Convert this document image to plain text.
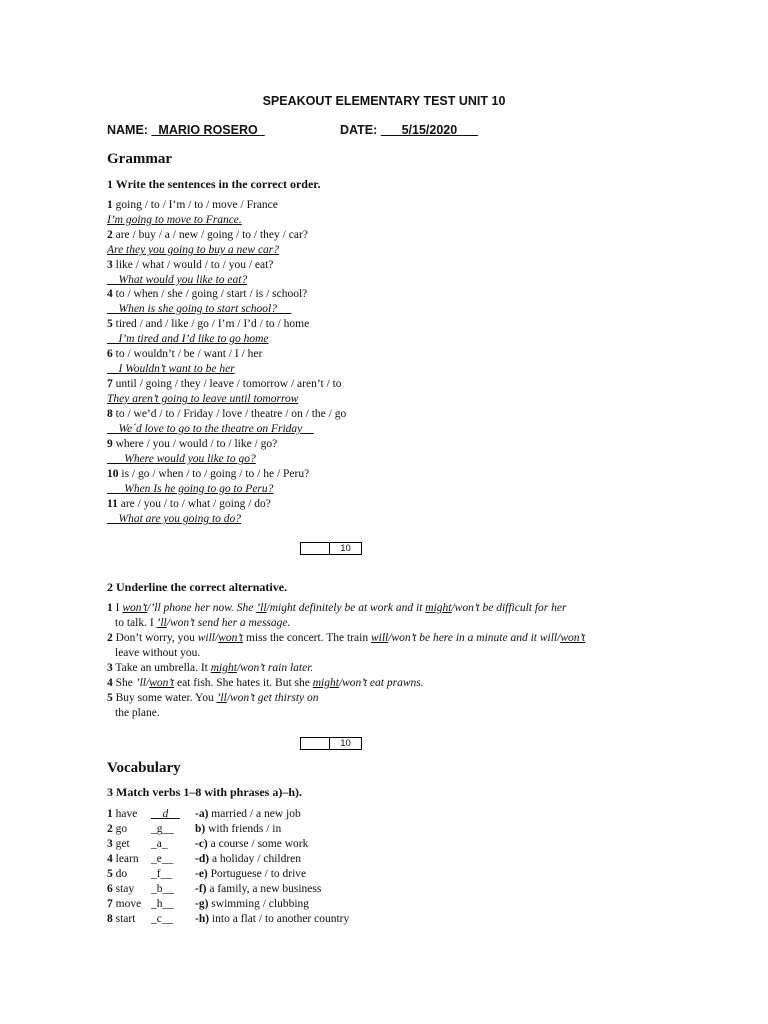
SPEAKOUT ELEMENTARY TEST UNIT 10
NAME: _MARIO ROSERO_	DATE: ___5/15/2020___
Grammar
1 Write the sentences in the correct order.
1 going / to / I’m / to / move / France
I’m going to move to France.
2 are / buy / a / new / going / to / they / car?
Are they you going to buy a new car?
3 like / what / would / to / you / eat?
__What would you like to eat?
4 to / when / she / going / start / is / school?
__When is she going to start school? __
5 tired / and / like / go / I’m / I’d / to / home
__I’m tired and I’d like to go home
6 to / wouldn’t / be / want / I / her
__I Wouldn’t want to be her
7 until / going / they / leave / tomorrow / aren’t / to
They aren’t going to leave until tomorrow
8 to / we’d / to / Friday / love / theatre / on / the / go
__We´d love to go to the theatre on Friday__
9 where / you / would / to / like / go?
___Where would you like to go?
10 is / go / when / to / going / to / he / Peru?
___When Is he going to go to Peru?
11 are / you / to / what / going / do?
__What are you going to do?
10
2 Underline the correct alternative.
1 I won’t/’ll phone her now. She ’ll/might definitely be at work and it might/won’t be difficult for her
to talk. I ’ll/won’t send her a message.
2 Don’t worry, you will/won’t miss the concert. The train will/won’t be here in a minute and it will/won’t
leave without you.
3 Take an umbrella. It might/won’t rain later.
4 She ’ll/won’t eat fish. She hates it. But she might/won’t eat prawns.
5 Buy some water. You ’ll/won’t get thirsty on
the plane.
10
Vocabulary
3 Match verbs 1–8 with phrases a)–h).
1 have __d__ -a) married / a new job
2 go _g__ b) with friends / in
3 get _a_ -c) a course / some work
4 learn _e__ -d) a holiday / children
5 do _f__ -e) Portuguese / to drive
6 stay _b__ -f) a family, a new business
7 move _h__ -g) swimming / clubbing
8 start _c__ -h) into a flat / to another country
